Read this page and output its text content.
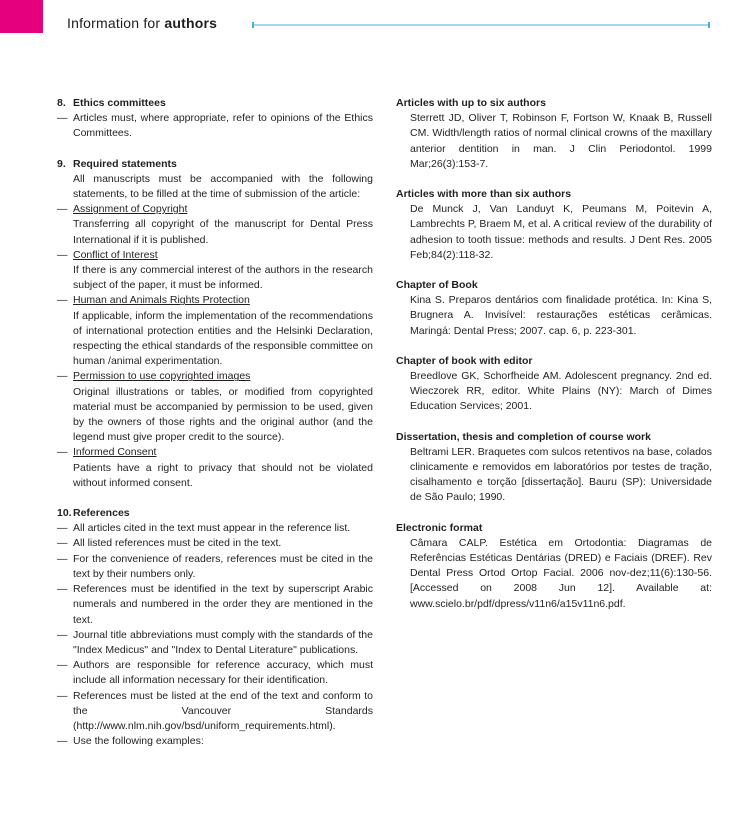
Information for authors
8. Ethics committees
— Articles must, where appropriate, refer to opinions of the Ethics Committees.
9. Required statements
All manuscripts must be accompanied with the following statements, to be filled at the time of submission of the article:
— Assignment of Copyright
Transferring all copyright of the manuscript for Dental Press International if it is published.
— Conflict of Interest
If there is any commercial interest of the authors in the research subject of the paper, it must be informed.
— Human and Animals Rights Protection
If applicable, inform the implementation of the recommendations of international protection entities and the Helsinki Declaration, respecting the ethical standards of the responsible committee on human /animal experimentation.
— Permission to use copyrighted images
Original illustrations or tables, or modified from copyrighted material must be accompanied by permission to be used, given by the owners of those rights and the original author (and the legend must give proper credit to the source).
— Informed Consent
Patients have a right to privacy that should not be violated without informed consent.
10. References
— All articles cited in the text must appear in the reference list.
— All listed references must be cited in the text.
— For the convenience of readers, references must be cited in the text by their numbers only.
— References must be identified in the text by superscript Arabic numerals and numbered in the order they are mentioned in the text.
— Journal title abbreviations must comply with the standards of the "Index Medicus" and "Index to Dental Literature" publications.
— Authors are responsible for reference accuracy, which must include all information necessary for their identification.
— References must be listed at the end of the text and conform to the Vancouver Standards (http://www.nlm.nih.gov/bsd/uniform_requirements.html).
— Use the following examples:
Articles with up to six authors
Sterrett JD, Oliver T, Robinson F, Fortson W, Knaak B, Russell CM. Width/length ratios of normal clinical crowns of the maxillary anterior dentition in man. J Clin Periodontol. 1999 Mar;26(3):153-7.
Articles with more than six authors
De Munck J, Van Landuyt K, Peumans M, Poitevin A, Lambrechts P, Braem M, et al. A critical review of the durability of adhesion to tooth tissue: methods and results. J Dent Res. 2005 Feb;84(2):118-32.
Chapter of Book
Kina S. Preparos dentários com finalidade protética. In: Kina S, Brugnera A. Invisível: restaurações estéticas cerâmicas. Maringá: Dental Press; 2007. cap. 6, p. 223-301.
Chapter of book with editor
Breedlove GK, Schorfheide AM. Adolescent pregnancy. 2nd ed. Wieczorek RR, editor. White Plains (NY): March of Dimes Education Services; 2001.
Dissertation, thesis and completion of course work
Beltrami LER. Braquetes com sulcos retentivos na base, colados clinicamente e removidos em laboratórios por testes de tração, cisalhamento e torção [dissertação]. Bauru (SP): Universidade de São Paulo; 1990.
Electronic format
Câmara CALP. Estética em Ortodontia: Diagramas de Referências Estéticas Dentárias (DRED) e Faciais (DREF). Rev Dental Press Ortod Ortop Facial. 2006 nov-dez;11(6):130-56. [Accessed on 2008 Jun 12]. Available at: www.scielo.br/pdf/dpress/v11n6/a15v11n6.pdf.
